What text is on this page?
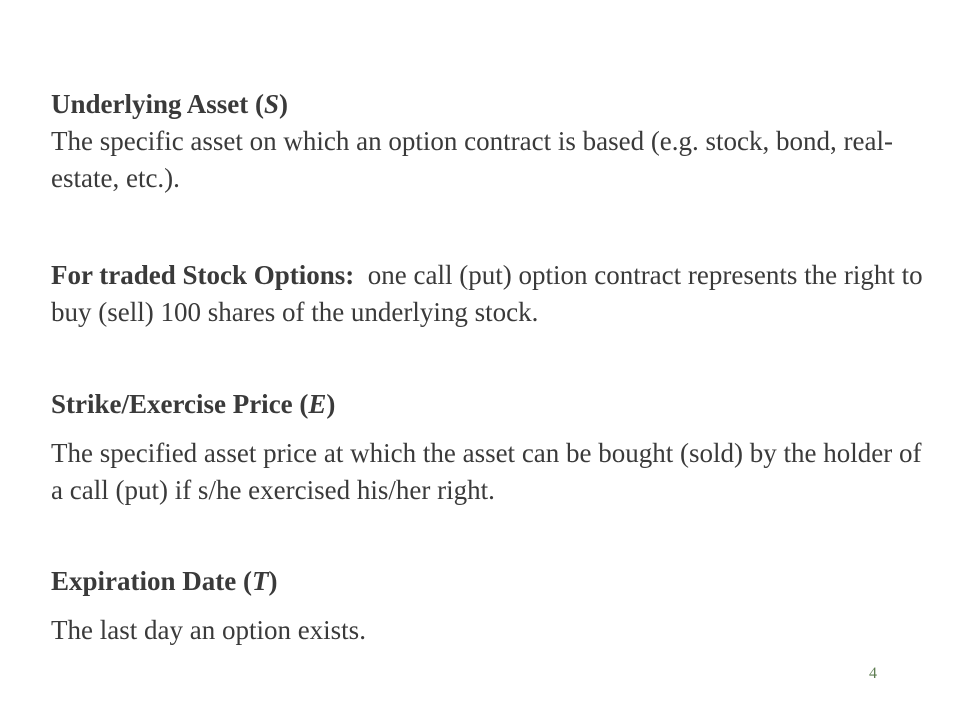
Underlying Asset (S)

The specific asset on which an option contract is based (e.g. stock, bond, real-estate, etc.).

For traded Stock Options: one call (put) option contract represents the right to buy (sell) 100 shares of the underlying stock.

Strike/Exercise Price (E)

The specified asset price at which the asset can be bought (sold) by the holder of a call (put) if s/he exercised his/her right.

Expiration Date (T)

The last day an option exists.

4
